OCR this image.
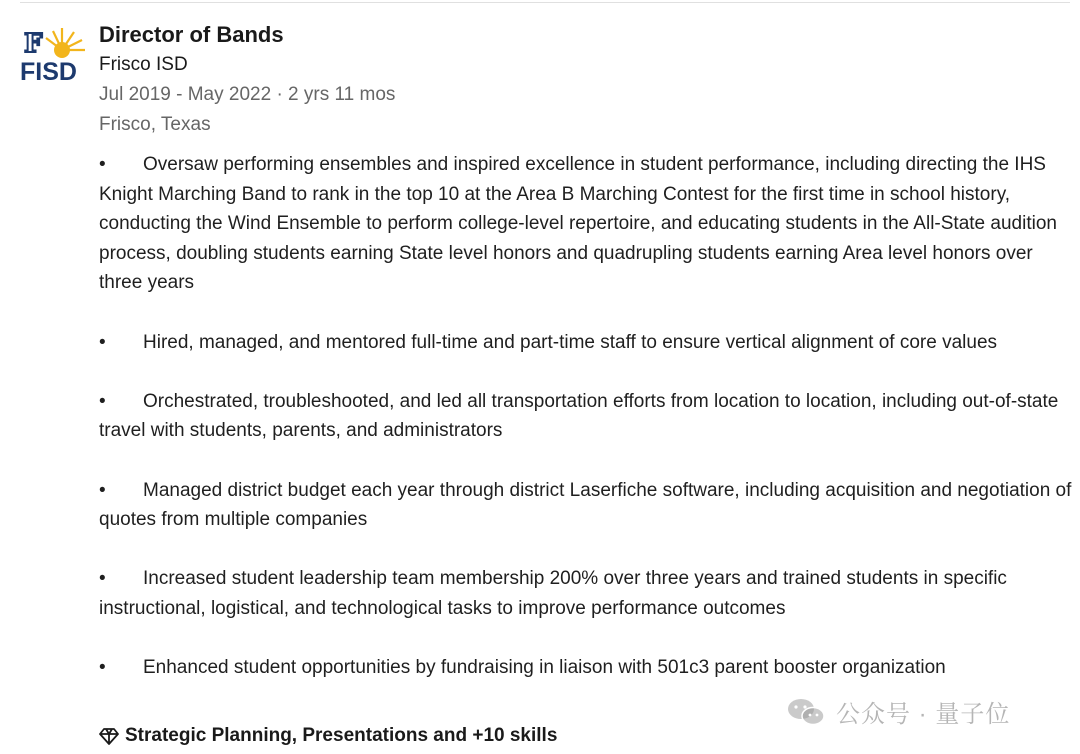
F
FISD
Director of Bands
Frisco ISD
Jul 2019 - May 2022 · 2 yrs 11 mos
Frisco, Texas

• Oversaw performing ensembles and inspired excellence in student performance, including directing the IHS Knight Marching Band to rank in the top 10 at the Area B Marching Contest for the first time in school history, conducting the Wind Ensemble to perform college-level repertoire, and educating students in the All-State audition process, doubling students earning State level honors and quadrupling students earning Area level honors over three years

• Hired, managed, and mentored full-time and part-time staff to ensure vertical alignment of core values

• Orchestrated, troubleshooted, and led all transportation efforts from location to location, including out-of-state travel with students, parents, and administrators

• Managed district budget each year through district Laserfiche software, including acquisition and negotiation of quotes from multiple companies

• Increased student leadership team membership 200% over three years and trained students in specific instructional, logistical, and technological tasks to improve performance outcomes

• Enhanced student opportunities by fundraising in liaison with 501c3 parent booster organization

Strategic Planning, Presentations and +10 skills
公众号 · 量子位
